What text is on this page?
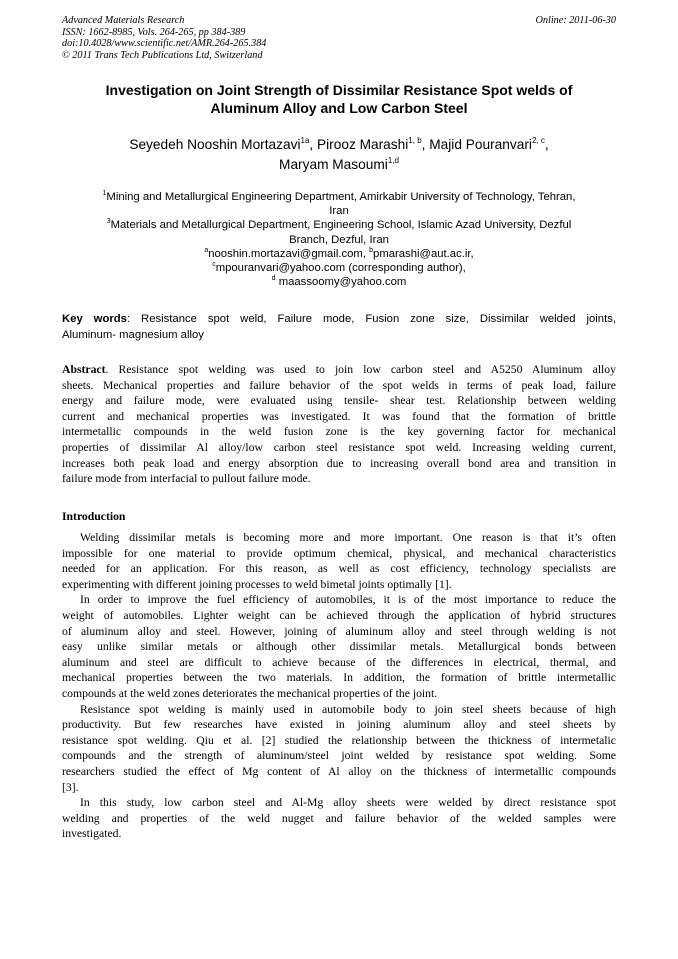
Advanced Materials Research
ISSN: 1662-8985, Vols. 264-265, pp 384-389
doi:10.4028/www.scientific.net/AMR.264-265.384
© 2011 Trans Tech Publications Ltd, Switzerland
Online: 2011-06-30
Investigation on Joint Strength of Dissimilar Resistance Spot welds of
Aluminum Alloy and Low Carbon Steel
Seyedeh Nooshin Mortazavi$^{1a}$, Pirooz Marashi$^{1, b}$, Majid Pouranvari$^{2, c}$,
Maryam Masoumi$^{1,d}$
$^1$Mining and Metallurgical Engineering Department, Amirkabir University of Technology, Tehran,
Iran
$^3$Materials and Metallurgical Department, Engineering School, Islamic Azad University, Dezful
Branch, Dezful, Iran
$^a$nooshin.mortazavi@gmail.com, $^b$pmarashi@aut.ac.ir,
$^c$mpouranvari@yahoo.com (corresponding author),
$^d$ maassoomy@yahoo.com
Key words: Resistance spot weld, Failure mode, Fusion zone size, Dissimilar welded joints,
Aluminum- magnesium alloy
Abstract. Resistance spot welding was used to join low carbon steel and A5250 Aluminum alloy
sheets. Mechanical properties and failure behavior of the spot welds in terms of peak load, failure
energy and failure mode, were evaluated using tensile- shear test. Relationship between welding
current and mechanical properties was investigated. It was found that the formation of brittle
intermetallic compounds in the weld fusion zone is the key governing factor for mechanical
properties of dissimilar Al alloy/low carbon steel resistance spot weld. Increasing welding current,
increases both peak load and energy absorption due to increasing overall bond area and transition in
failure mode from interfacial to pullout failure mode.
Introduction
Welding dissimilar metals is becoming more and more important. One reason is that it’s often
impossible for one material to provide optimum chemical, physical, and mechanical characteristics
needed for an application. For this reason, as well as cost efficiency, technology specialists are
experimenting with different joining processes to weld bimetal joints optimally [1].
In order to improve the fuel efficiency of automobiles, it is of the most importance to reduce the
weight of automobiles. Lighter weight can be achieved through the application of hybrid structures
of aluminum alloy and steel. However, joining of aluminum alloy and steel through welding is not
easy unlike similar metals or although other dissimilar metals. Metallurgical bonds between
aluminum and steel are difficult to achieve because of the differences in electrical, thermal, and
mechanical properties between the two materials. In addition, the formation of brittle intermetallic
compounds at the weld zones deteriorates the mechanical properties of the joint.
Resistance spot welding is mainly used in automobile body to join steel sheets because of high
productivity. But few researches have existed in joining aluminum alloy and steel sheets by
resistance spot welding. Qiu et al. [2] studied the relationship between the thickness of intermetalic
compounds and the strength of aluminum/steel joint welded by resistance spot welding. Some
researchers studied the effect of Mg content of Al alloy on the thickness of intermetallic compounds
[3].
In this study, low carbon steel and Al-Mg alloy sheets were welded by direct resistance spot
welding and properties of the weld nugget and failure behavior of the welded samples were
investigated.
